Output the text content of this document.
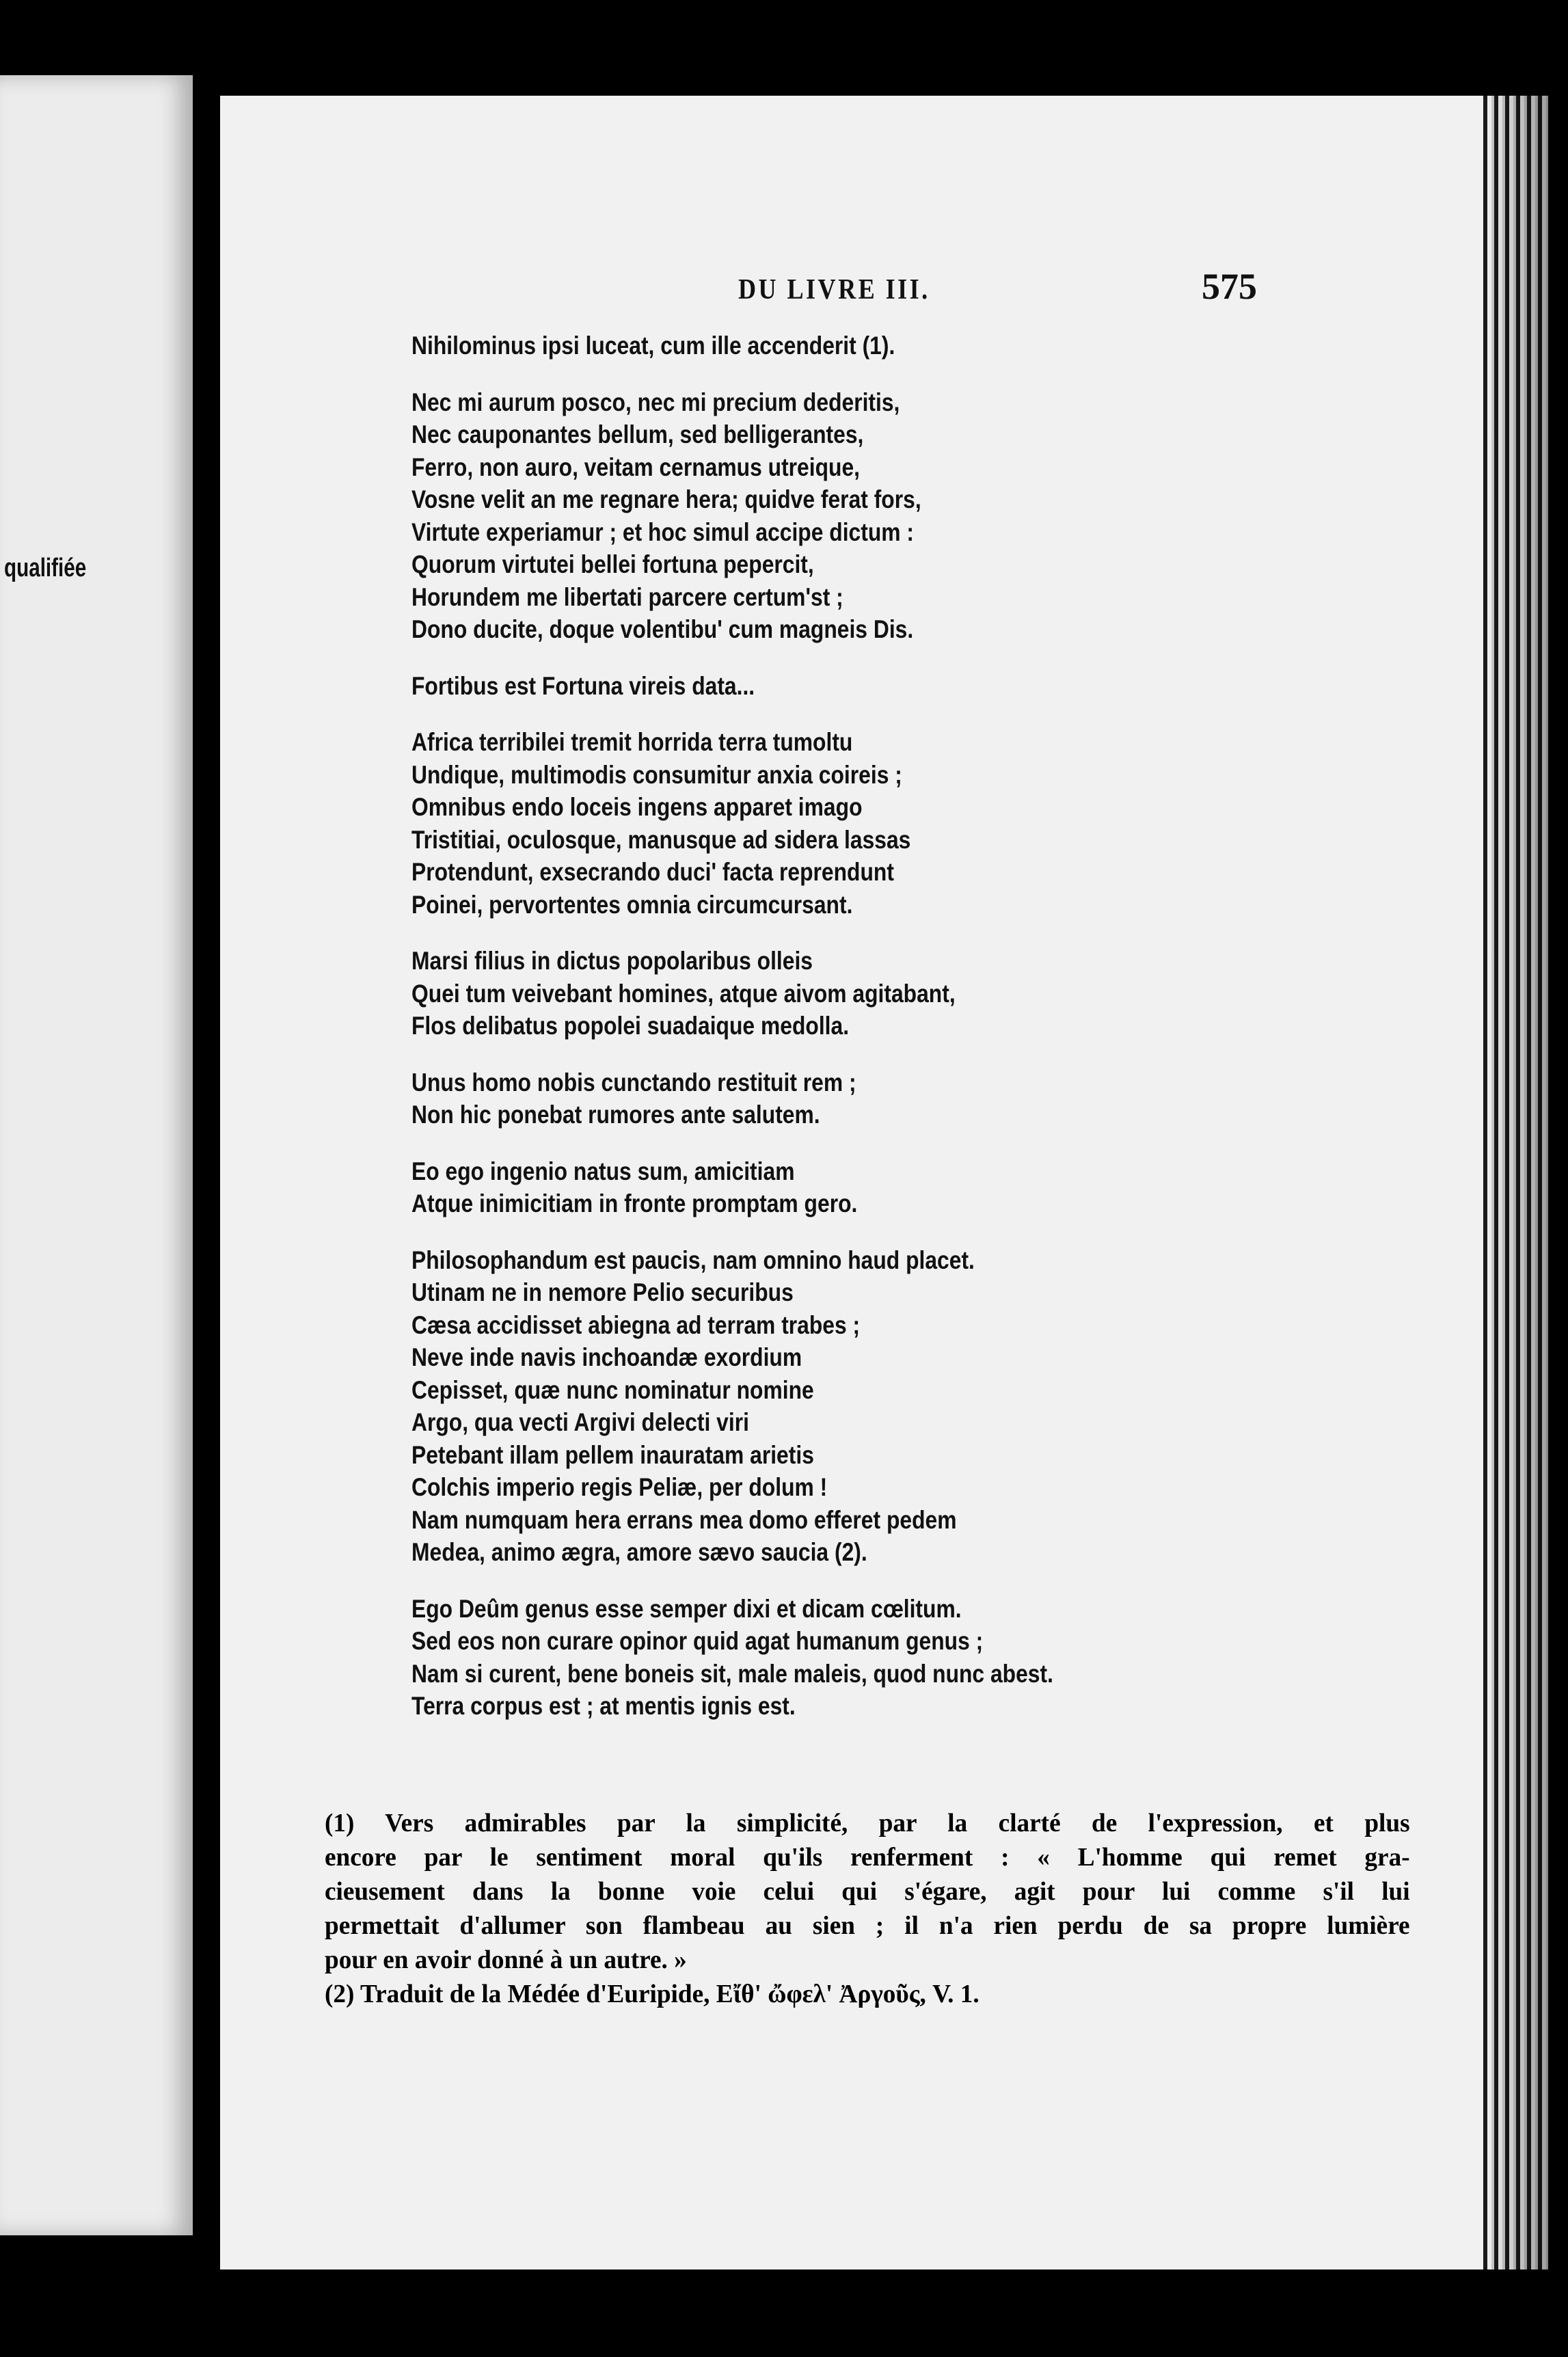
qualifiée
DU LIVRE III.	575
Nihilominus ipsi luceat, cum ille accenderit (1).
Nec mi aurum posco, nec mi precium dederitis,
Nec cauponantes bellum, sed belligerantes,
Ferro, non auro, veitam cernamus utreique,
Vosne velit an me regnare hera; quidve ferat fors,
Virtute experiamur ; et hoc simul accipe dictum :
Quorum virtutei bellei fortuna pepercit,
Horundem me libertati parcere certum'st ;
Dono ducite, doque volentibu' cum magneis Dis.
Fortibus est Fortuna vireis data...
Africa terribilei tremit horrida terra tumoltu
Undique, multimodis consumitur anxia coireis ;
Omnibus endo loceis ingens apparet imago
Tristitiai, oculosque, manusque ad sidera lassas
Protendunt, exsecrando duci' facta reprendunt
Poinei, pervortentes omnia circumcursant.
Marsi filius in dictus popolaribus olleis
Quei tum veivebant homines, atque aivom agitabant,
Flos delibatus popolei suadaique medolla.
Unus homo nobis cunctando restituit rem ;
Non hic ponebat rumores ante salutem.
Eo ego ingenio natus sum, amicitiam
Atque inimicitiam in fronte promptam gero.
Philosophandum est paucis, nam omnino haud placet.
Utinam ne in nemore Pelio securibus
Cæsa accidisset abiegna ad terram trabes ;
Neve inde navis inchoandæ exordium
Cepisset, quæ nunc nominatur nomine
Argo, qua vecti Argivi delecti viri
Petebant illam pellem inauratam arietis
Colchis imperio regis Peliæ, per dolum !
Nam numquam hera errans mea domo efferet pedem
Medea, animo ægra, amore sævo saucia (2).
Ego Deûm genus esse semper dixi et dicam cœlitum.
Sed eos non curare opinor quid agat humanum genus ;
Nam si curent, bene boneis sit, male maleis, quod nunc abest.
Terra corpus est ; at mentis ignis est.
(1) Vers admirables par la simplicité, par la clarté de l'expression, et plus
encore par le sentiment moral qu'ils renferment : « L'homme qui remet gra-
cieusement dans la bonne voie celui qui s'égare, agit pour lui comme s'il lui
permettait d'allumer son flambeau au sien ; il n'a rien perdu de sa propre lumière
pour en avoir donné à un autre. »
(2) Traduit de la Médée d'Euripide, Εἴθ' ὤφελ' Ἀργοῦς, V. 1.
